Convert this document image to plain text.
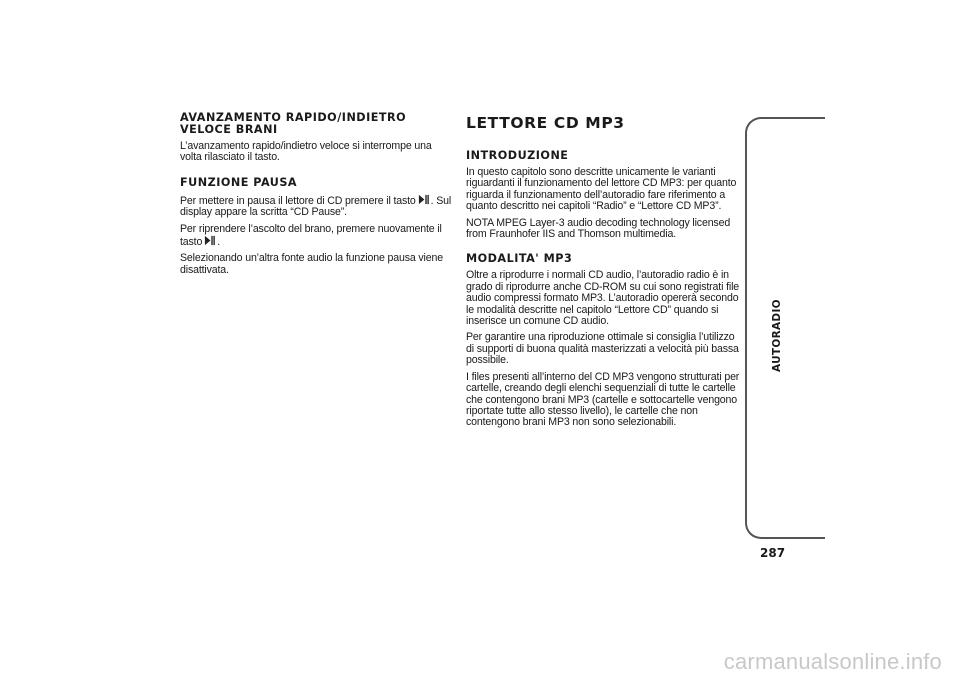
AUTORADIO
287
AVANZAMENTO RAPIDO/INDIETRO VELOCE BRANI

L’avanzamento rapido/indietro veloce si interrompe una volta rilasciato il tasto.

FUNZIONE PAUSA

Per mettere in pausa il lettore di CD premere il tasto . Sul display appare la scritta “CD Pause”.

Per riprendere l’ascolto del brano, premere nuovamente il tasto .

Selezionando un’altra fonte audio la funzione pausa viene disattivata.

LETTORE CD MP3
INTRODUZIONE

In questo capitolo sono descritte unicamente le varianti riguardanti il funzionamento del lettore CD MP3: per quanto riguarda il funzionamento dell’autoradio fare riferimento a quanto descritto nei capitoli “Radio” e “Lettore CD MP3”.

NOTA MPEG Layer-3 audio decoding technology licensed from Fraunhofer IIS and Thomson multimedia.

MODALITA' MP3

Oltre a riprodurre i normali CD audio, l’autoradio radio è in grado di riprodurre anche CD-ROM su cui sono registrati file audio compressi formato MP3. L’autoradio opererà secondo le modalità descritte nel capitolo “Lettore CD” quando si inserisce un comune CD audio.

Per garantire una riproduzione ottimale si consiglia l’utilizzo di supporti di buona qualità masterizzati a velocità più bassa possibile.

I files presenti all’interno del CD MP3 vengono strutturati per cartelle, creando degli elenchi sequenziali di tutte le cartelle che contengono brani MP3 (cartelle e sottocartelle vengono riportate tutte allo stesso livello), le cartelle che non contengono brani MP3 non sono selezionabili.

carmanualsonline.info
